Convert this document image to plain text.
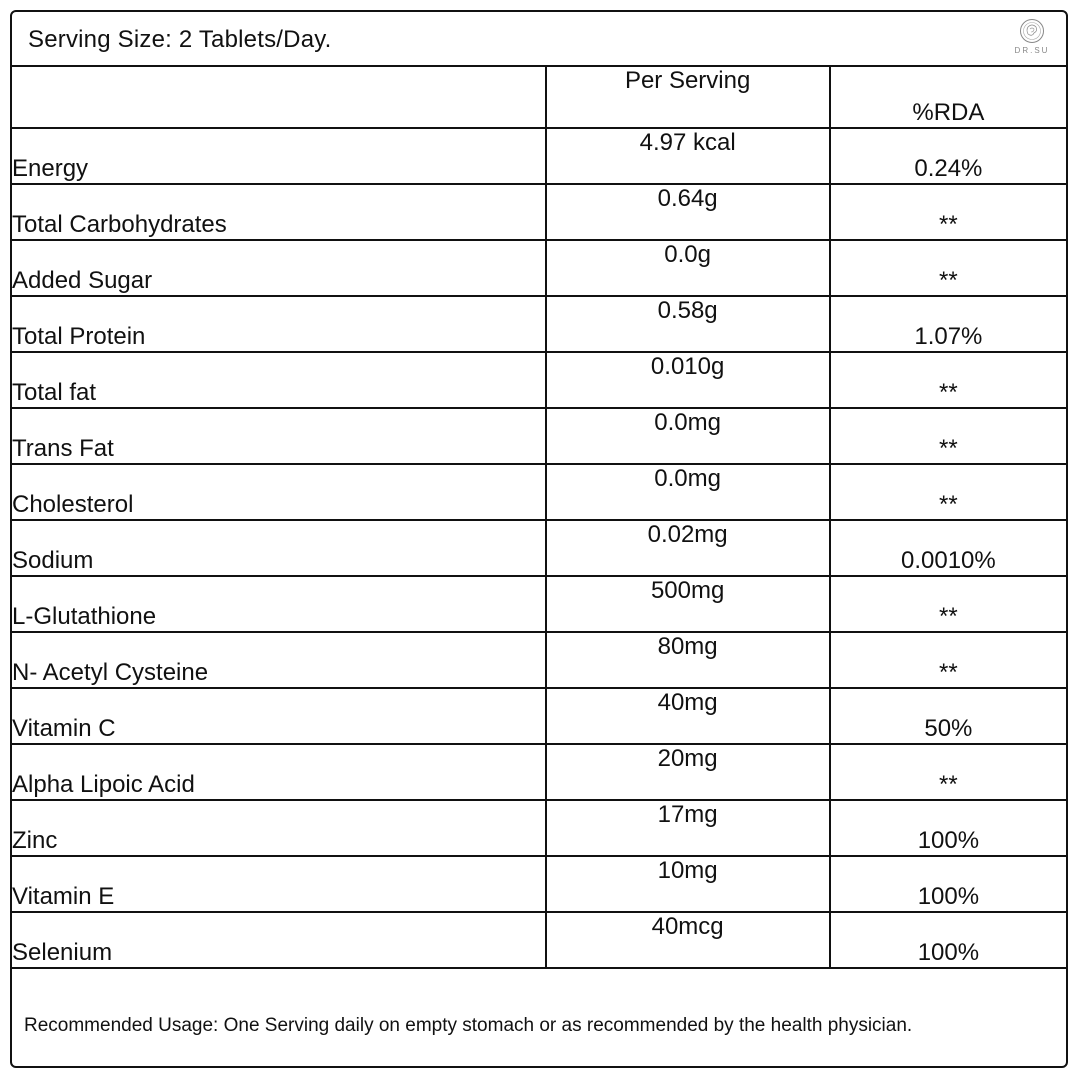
Serving Size: 2 Tablets/Day.	DR.SU
	Per Serving	%RDA
Energy	4.97 kcal	0.24%
Total Carbohydrates	0.64g	**
Added Sugar	0.0g	**
Total Protein	0.58g	1.07%
Total fat	0.010g	**
Trans Fat	0.0mg	**
Cholesterol	0.0mg	**
Sodium	0.02mg	0.0010%
L-Glutathione	500mg	**
N- Acetyl Cysteine	80mg	**
Vitamin C	40mg	50%
Alpha Lipoic Acid	20mg	**
Zinc	17mg	100%
Vitamin E	10mg	100%
Selenium	40mcg	100%
Recommended Usage: One Serving daily on empty stomach or as recommended by the health physician.
